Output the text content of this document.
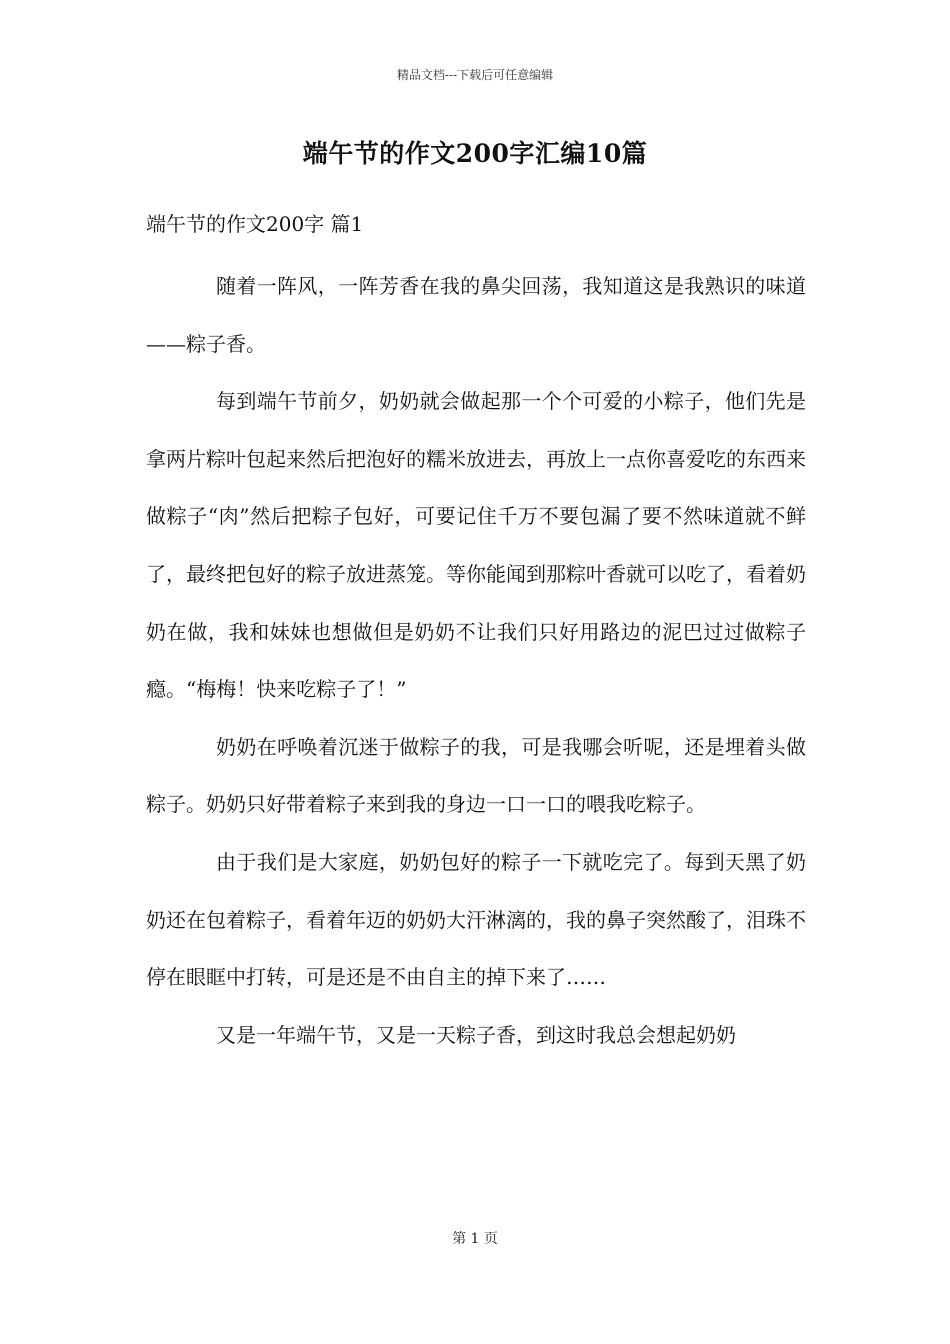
精品文档---下载后可任意编辑
端午节的作文200字汇编10篇
端午节的作文200字 篇1

随着一阵风，一阵芳香在我的鼻尖回荡，我知道这是我熟识的味道——粽子香。

每到端午节前夕，奶奶就会做起那一个个可爱的小粽子，他们先是拿两片粽叶包起来然后把泡好的糯米放进去，再放上一点你喜爱吃的东西来做粽子“肉”然后把粽子包好，可要记住千万不要包漏了要不然味道就不鲜了，最终把包好的粽子放进蒸笼。等你能闻到那粽叶香就可以吃了，看着奶奶在做，我和妹妹也想做但是奶奶不让我们只好用路边的泥巴过过做粽子瘾。“梅梅！快来吃粽子了！”

奶奶在呼唤着沉迷于做粽子的我，可是我哪会听呢，还是埋着头做粽子。奶奶只好带着粽子来到我的身边一口一口的喂我吃粽子。

由于我们是大家庭，奶奶包好的粽子一下就吃完了。每到天黑了奶奶还在包着粽子，看着年迈的奶奶大汗淋漓的，我的鼻子突然酸了，泪珠不停在眼眶中打转，可是还是不由自主的掉下来了……

又是一年端午节，又是一天粽子香，到这时我总会想起奶奶

第 1 页
